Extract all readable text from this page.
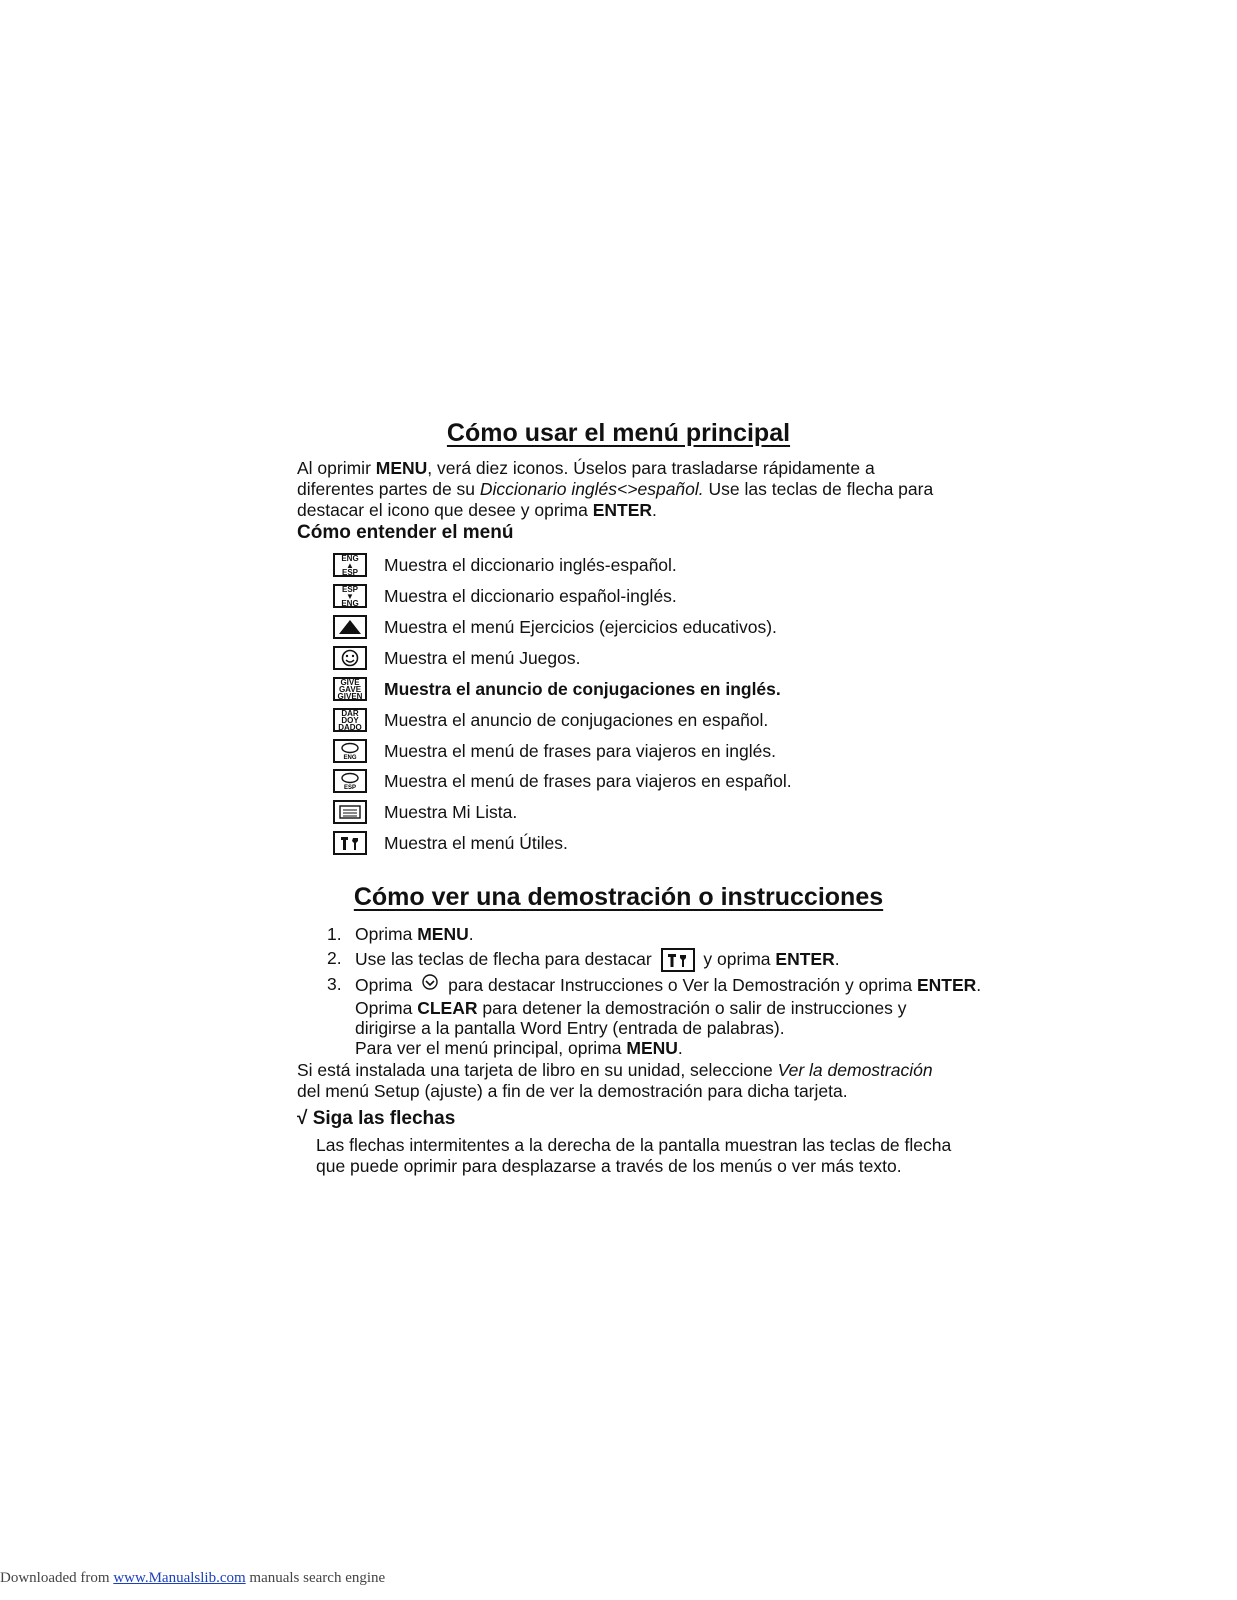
Cómo usar el menú principal
Al oprimir MENU, verá diez iconos. Úselos para trasladarse rápidamente a diferentes partes de su Diccionario inglés<>español. Use las teclas de flecha para destacar el icono que desee y oprima ENTER.
Cómo entender el menú
ENG
▲
ESP	Muestra el diccionario inglés-español.
ESP
▼
ENG	Muestra el diccionario español-inglés.
Muestra el menú Ejercicios (ejercicios educativos).
Muestra el menú Juegos.
GIVE
GAVE
GIVEN Muestra el anuncio de conjugaciones en inglés.
DAR
DOY
DADO Muestra el anuncio de conjugaciones en español.
ENG Muestra el menú de frases para viajeros en inglés.
ESP Muestra el menú de frases para viajeros en español.
Muestra Mi Lista.
Muestra el menú Útiles.
Cómo ver una demostración o instrucciones
1. Oprima MENU.
2. Use las teclas de flecha para destacar  y oprima ENTER.
3. Oprima  para destacar Instrucciones o Ver la Demostración y oprima ENTER.
Oprima CLEAR para detener la demostración o salir de instrucciones y
dirigirse a la pantalla Word Entry (entrada de palabras).
Para ver el menú principal, oprima MENU.
Si está instalada una tarjeta de libro en su unidad, seleccione Ver la demostración
del menú Setup (ajuste) a fin de ver la demostración para dicha tarjeta.
√ Siga las flechas
Las flechas intermitentes a la derecha de la pantalla muestran las teclas de flecha
que puede oprimir para desplazarse a través de los menús o ver más texto.
Downloaded from www.Manualslib.com manuals search engine
